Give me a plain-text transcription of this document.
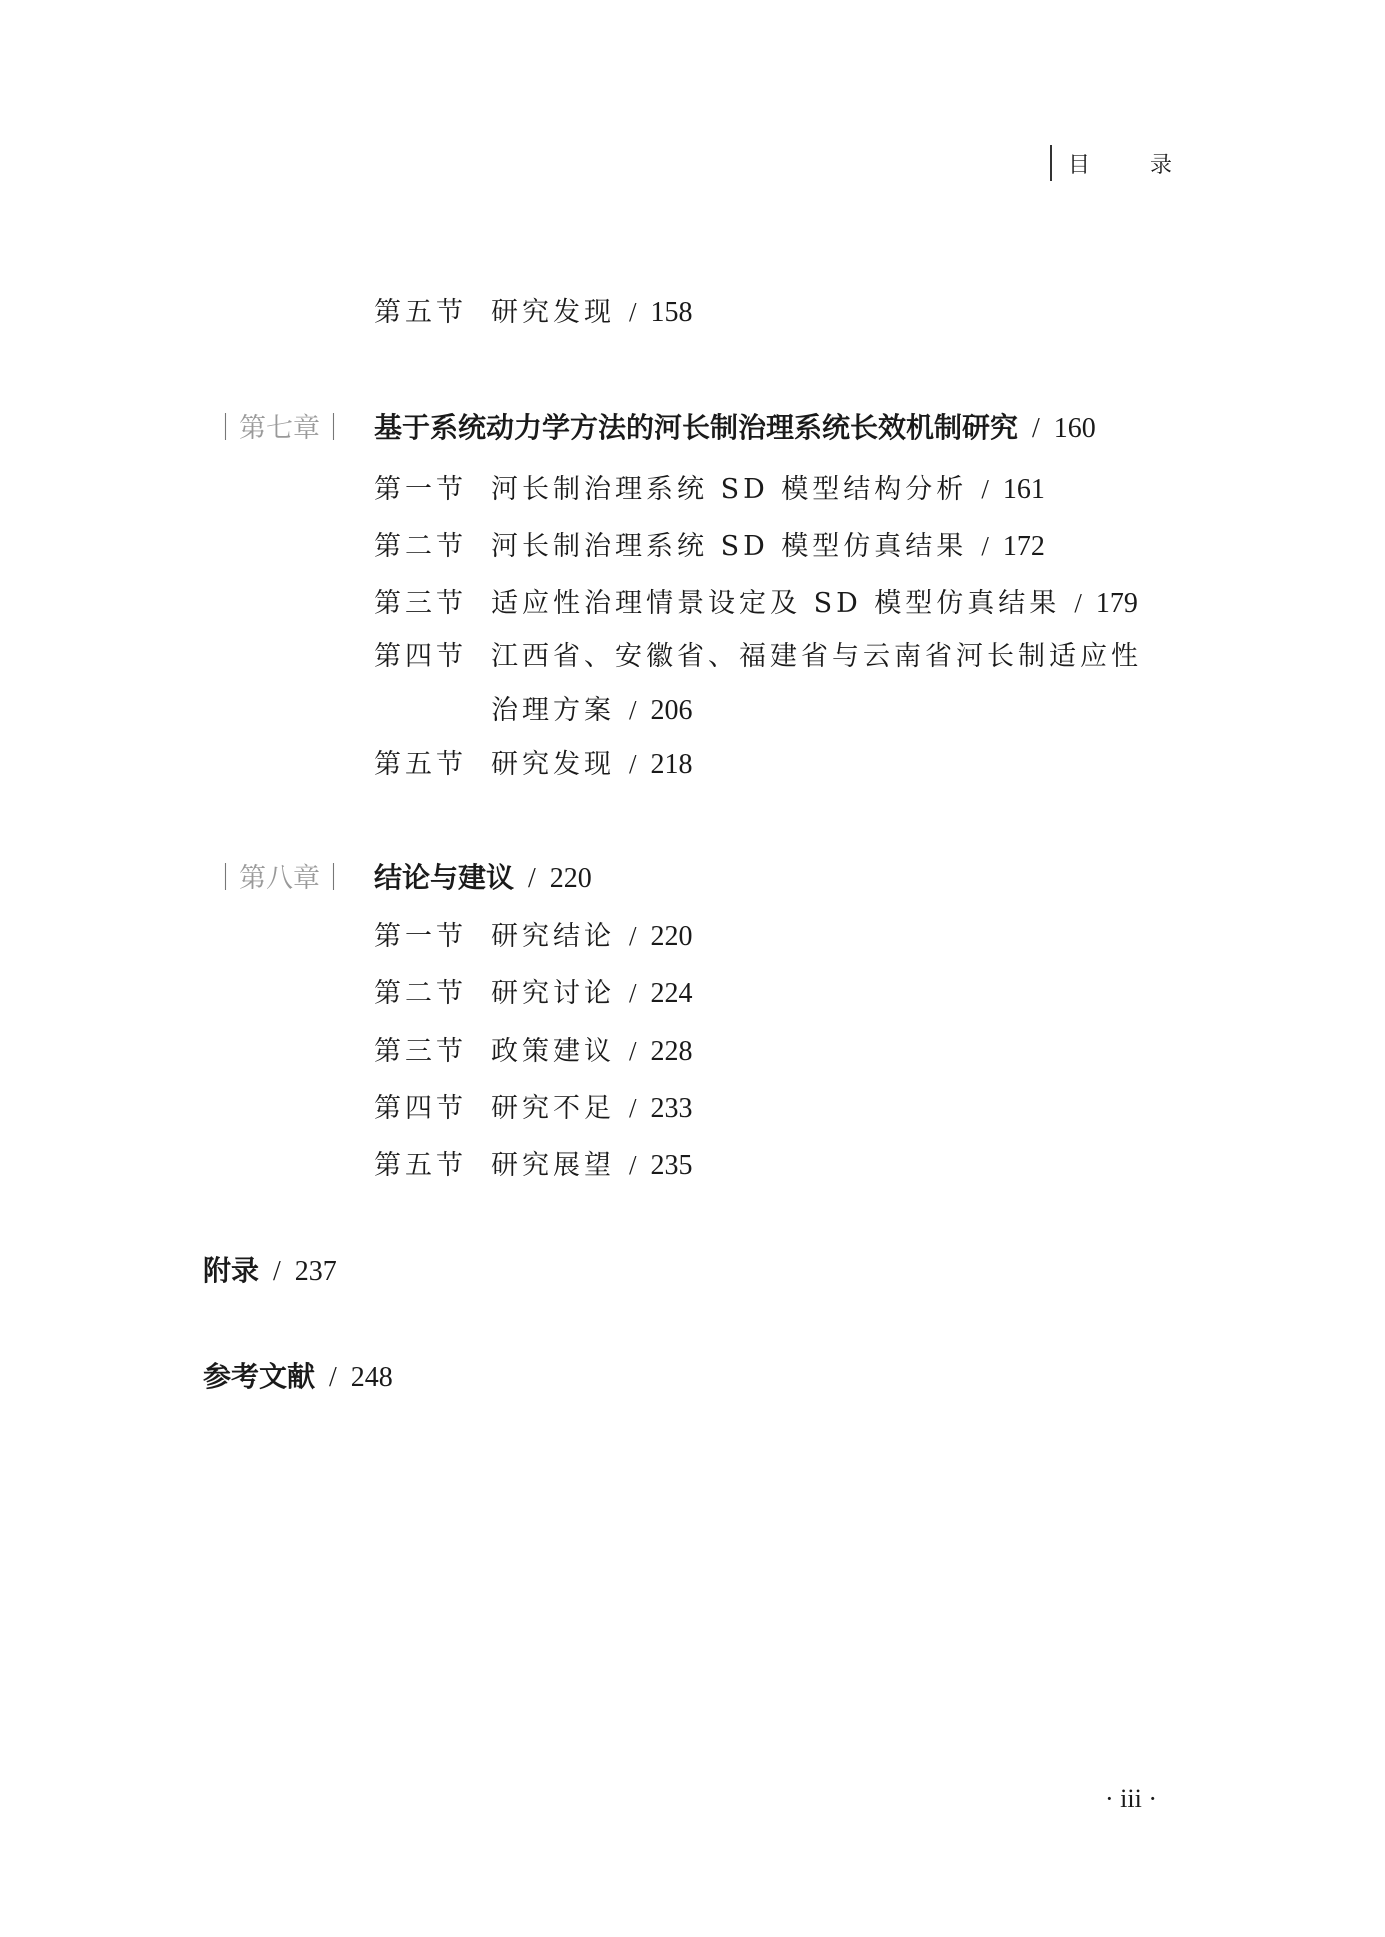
目	录
第五节 研究发现 / 158
｜第七章｜ 基于系统动力学方法的河长制治理系统长效机制研究 / 160
第一节 河长制治理系统 SD 模型结构分析 / 161
第二节 河长制治理系统 SD 模型仿真结果 / 172
第三节 适应性治理情景设定及 SD 模型仿真结果 / 179
第四节 江西省、安徽省、福建省与云南省河长制适应性
治理方案 / 206
第五节 研究发现 / 218
｜第八章｜ 结论与建议 / 220
第一节 研究结论 / 220
第二节 研究讨论 / 224
第三节 政策建议 / 228
第四节 研究不足 / 233
第五节 研究展望 / 235
附录 / 237
参考文献 / 248
· iii ·
